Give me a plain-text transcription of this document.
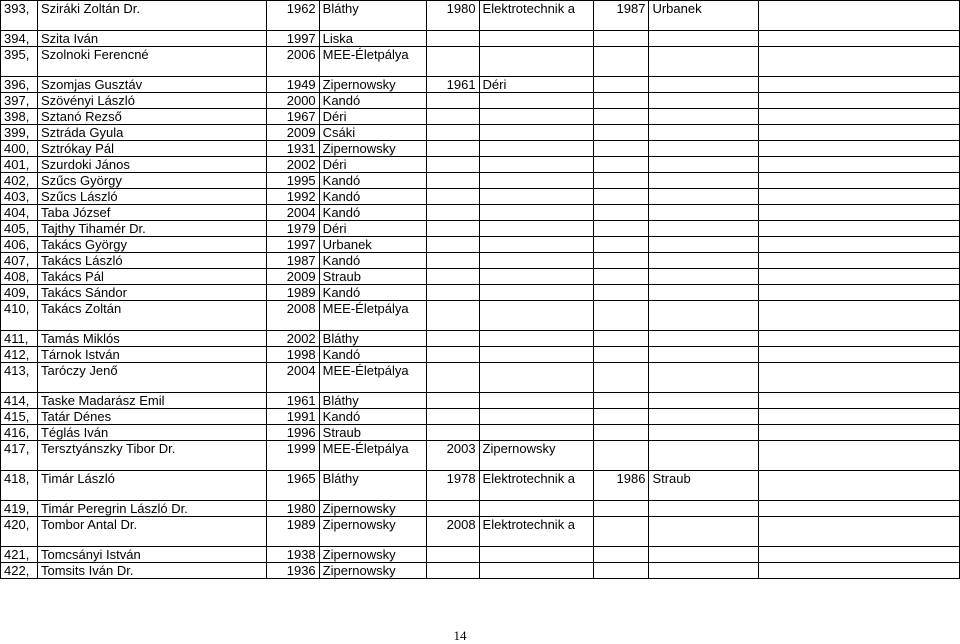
393,	Sziráki Zoltán Dr.	1962	Bláthy	1980	Elektrotechnik a	1987	Urbanek	
394,	Szita Iván	1997	Liska					
395,	Szolnoki Ferencné	2006	MEE-Életpálya					
396,	Szomjas Gusztáv	1949	Zipernowsky	1961	Déri			
397,	Szövényi László	2000	Kandó					
398,	Sztanó Rezső	1967	Déri					
399,	Sztráda Gyula	2009	Csáki					
400,	Sztrókay Pál	1931	Zipernowsky					
401,	Szurdoki János	2002	Déri					
402,	Szűcs György	1995	Kandó					
403,	Szűcs László	1992	Kandó					
404,	Taba József	2004	Kandó					
405,	Tajthy Tihamér Dr.	1979	Déri					
406,	Takács György	1997	Urbanek					
407,	Takács László	1987	Kandó					
408,	Takács Pál	2009	Straub					
409,	Takács Sándor	1989	Kandó					
410,	Takács Zoltán	2008	MEE-Életpálya					
411,	Tamás Miklós	2002	Bláthy					
412,	Tárnok István	1998	Kandó					
413,	Taróczy Jenő	2004	MEE-Életpálya					
414,	Taske Madarász Emil	1961	Bláthy					
415,	Tatár Dénes	1991	Kandó					
416,	Téglás Iván	1996	Straub					
417,	Tersztyánszky Tibor Dr.	1999	MEE-Életpálya	2003	Zipernowsky			
418,	Timár László	1965	Bláthy	1978	Elektrotechnik a	1986	Straub	
419,	Timár Peregrin László Dr.	1980	Zipernowsky					
420,	Tombor Antal Dr.	1989	Zipernowsky	2008	Elektrotechnik a			
421,	Tomcsányi István	1938	Zipernowsky					
422,	Tomsits Iván Dr.	1936	Zipernowsky					
14
